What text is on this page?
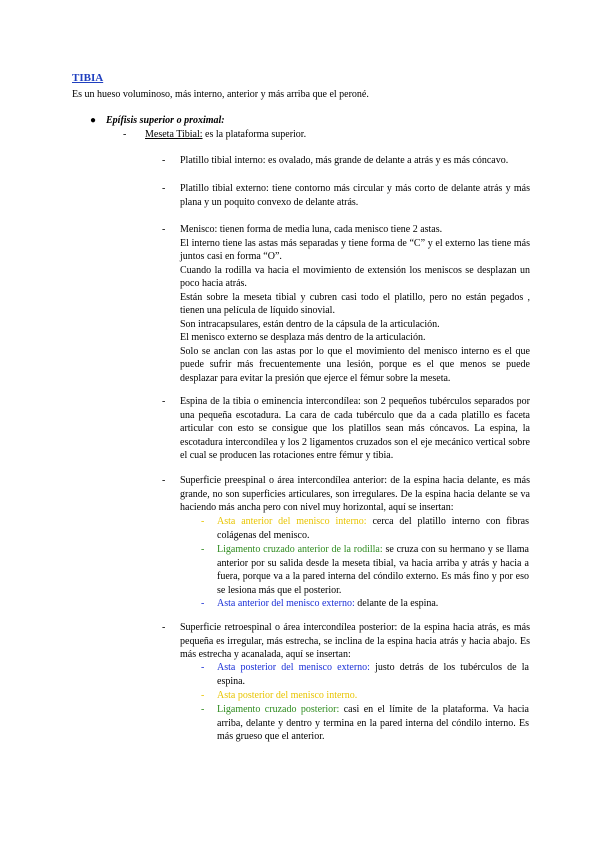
TIBIA
Es un hueso voluminoso, más interno, anterior y más arriba que el peroné.
● Epífisis superior o proximal:
- Meseta Tibial: es la plataforma superior.
- Platillo tibial interno: es ovalado, más grande de delante a atrás y es más cóncavo.

- Platillo tibial externo: tiene contorno más circular y más corto de delante atrás y más plana y un poquito convexo de delante atrás.

- Menisco: tienen forma de media luna, cada menisco tiene 2 astas.

El interno tiene las astas más separadas y tiene forma de “C” y el externo las tiene más juntos casi en forma “O”.

Cuando la rodilla va hacia el movimiento de extensión los meniscos se desplazan un poco hacia atrás.

Están sobre la meseta tibial y cubren casi todo el platillo, pero no están pegados , tienen una película de líquido sinovial.

Son intracapsulares, están dentro de la cápsula de la articulación.

El menisco externo se desplaza más dentro de la articulación.

Solo se anclan con las astas por lo que el movimiento del menisco interno es el que puede sufrir más frecuentemente una lesión, porque es el que menos se puede desplazar para evitar la presión que ejerce el fémur sobre la meseta.

- Espina de la tibia o eminencia intercondílea: son 2 pequeños tubérculos separados por una pequeña escotadura. La cara de cada tubérculo que da a cada platillo es faceta articular con esto se consigue que los platillos sean más cóncavos. La espina, la escotadura intercondílea y los 2 ligamentos cruzados son el eje mecánico vertical sobre el cual se producen las rotaciones entre fémur y tibia.

- Superficie preespinal o área intercondílea anterior: de la espina hacia delante, es más grande, no son superficies articulares, son irregulares. De la espina hacia delante se va haciendo más ancha pero con nivel muy horizontal, aquí se insertan:

- Asta anterior del menisco interno: cerca del platillo interno con fibras colágenas del menisco.

- Ligamento cruzado anterior de la rodilla: se cruza con su hermano y se llama anterior por su salida desde la meseta tibial, va hacia arriba y atrás y hacia a fuera, porque va a la pared interna del cóndilo externo. Es más fino y por eso se lesiona más que el posterior.

- Asta anterior del menisco externo: delante de la espina.

- Superficie retroespinal o área intercondílea posterior: de la espina hacia atrás, es más pequeña es irregular, más estrecha, se inclina de la espina hacia atrás y hacia abajo. Es más estrecha y acanalada, aquí se insertan:

- Asta posterior del menisco externo: justo detrás de los tubérculos de la espina.

- Asta posterior del menisco interno.

- Ligamento cruzado posterior: casi en el límite de la plataforma. Va hacia arriba, delante y dentro y termina en la pared interna del cóndilo interno. Es más grueso que el anterior.
